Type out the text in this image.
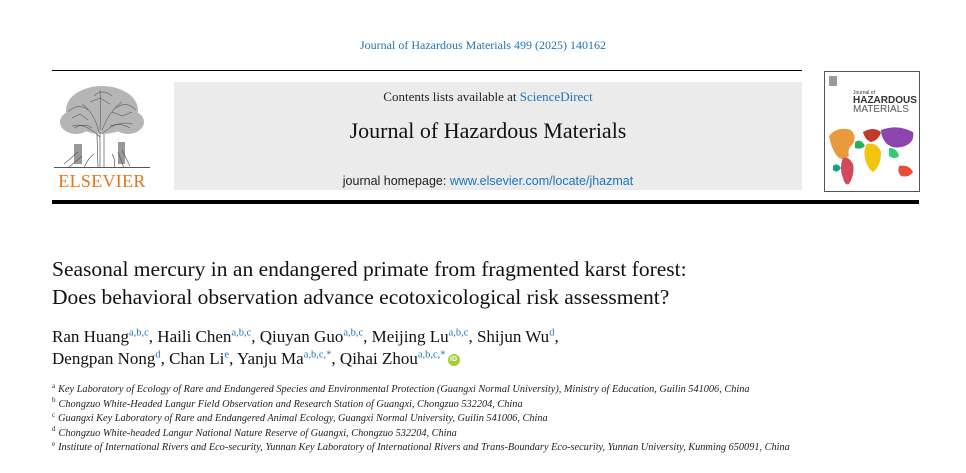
Journal of Hazardous Materials 499 (2025) 140162
ELSEVIER
Contents lists available at ScienceDirect
Journal of Hazardous Materials
journal homepage: www.elsevier.com/locate/jhazmat
Journal of
HAZARDOUS
MATERIALS
Seasonal mercury in an endangered primate from fragmented karst forest:
Does behavioral observation advance ecotoxicological risk assessment?
Ran Huang$^{a,b,c}$, Haili Chen$^{a,b,c}$, Qiuyan Guo$^{a,b,c}$, Meijing Lu$^{a,b,c}$, Shijun Wu$^d$,
Dengpan Nong$^d$, Chan Li$^e$, Yanju $Ma^{a,b,c,*}$, Qihai Zhou$^{a,b,c,*}$ iD
$^a$ Key Laboratory of Ecology of Rare and Endangered Species and Environmental Protection (Guangxi Normal University), Ministry of Education, Guilin 541006, China
$^b$ Chongzuo White-Headed Langur Field Observation and Research Station of Guangxi, Chongzuo 532204, China
$^c$ Guangxi Key Laboratory of Rare and Endangered Animal Ecology, Guangxi Normal University, Guilin 541006, China
$^d$ Chongzuo White-headed Langur National Nature Reserve of Guangxi, Chongzuo 532204, China
$^e$ Institute of International Rivers and Eco-security, Yunnan Key Laboratory of International Rivers and Trans-Boundary Eco-security, Yunnan University, Kunming 650091, China
